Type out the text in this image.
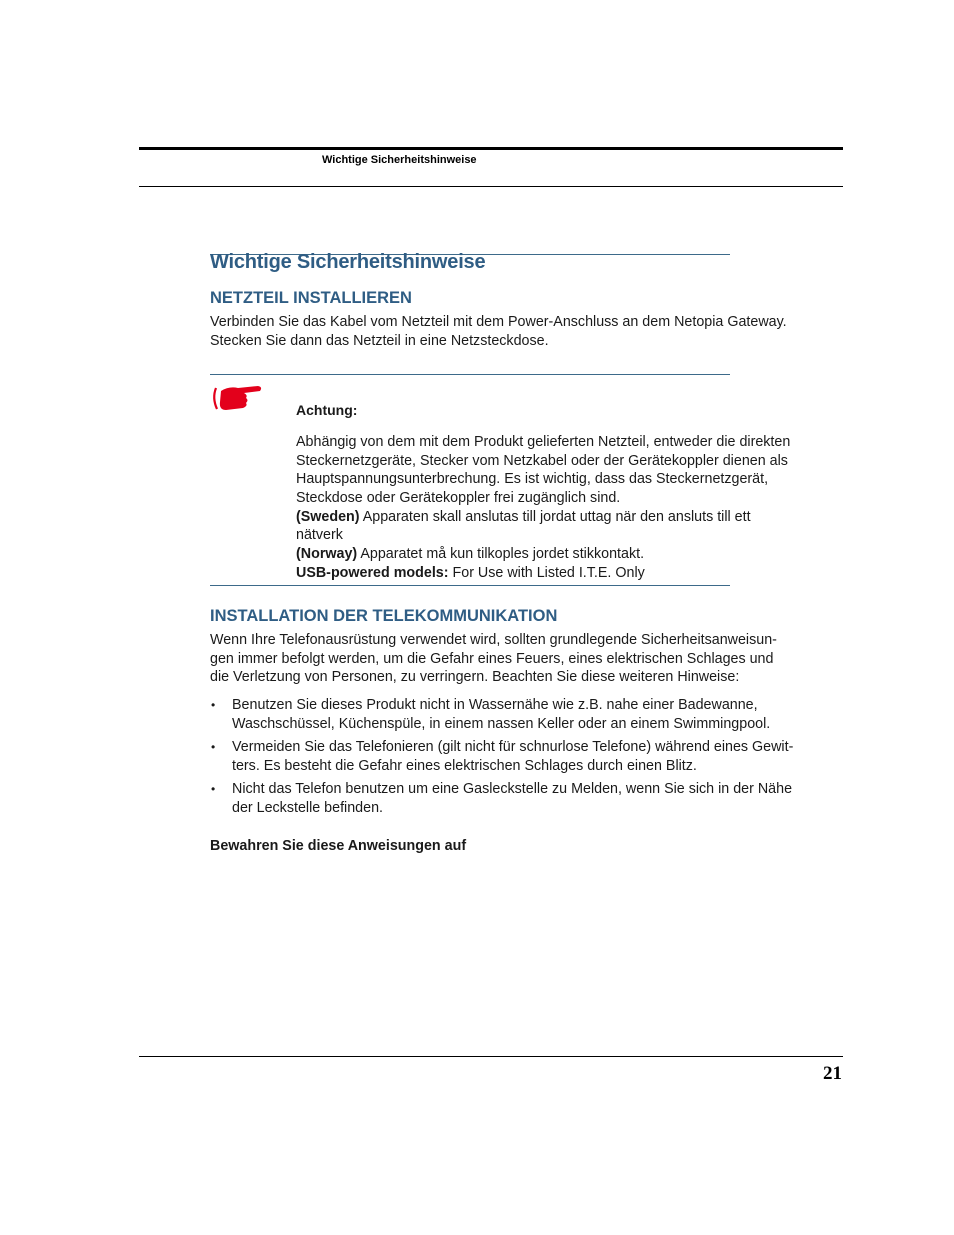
Wichtige Sicherheitshinweise
Wichtige Sicherheitshinweise
NETZTEIL INSTALLIEREN
Verbinden Sie das Kabel vom Netzteil mit dem Power-Anschluss an dem Netopia Gateway.
Stecken Sie dann das Netzteil in eine Netzsteckdose.
Achtung:
Abhängig von dem mit dem Produkt gelieferten Netzteil, entweder die direkten
Steckernetzgeräte, Stecker vom Netzkabel oder der Gerätekoppler dienen als
Hauptspannungsunterbrechung. Es ist wichtig, dass das Steckernetzgerät,
Steckdose oder Gerätekoppler frei zugänglich sind.
(Sweden) Apparaten skall anslutas till jordat uttag när den ansluts till ett
nätverk
(Norway) Apparatet må kun tilkoples jordet stikkontakt.
USB-powered models: For Use with Listed I.T.E. Only
INSTALLATION DER TELEKOMMUNIKATION
Wenn Ihre Telefonausrüstung verwendet wird, sollten grundlegende Sicherheitsanweisun-
gen immer befolgt werden, um die Gefahr eines Feuers, eines elektrischen Schlages und
die Verletzung von Personen, zu verringern. Beachten Sie diese weiteren Hinweise:
• Benutzen Sie dieses Produkt nicht in Wassernähe wie z.B. nahe einer Badewanne,
Waschschüssel, Küchenspüle, in einem nassen Keller oder an einem Swimmingpool.
• Vermeiden Sie das Telefonieren (gilt nicht für schnurlose Telefone) während eines Gewit-
ters. Es besteht die Gefahr eines elektrischen Schlages durch einen Blitz.
• Nicht das Telefon benutzen um eine Gasleckstelle zu Melden, wenn Sie sich in der Nähe
der Leckstelle befinden.
Bewahren Sie diese Anweisungen auf
21
